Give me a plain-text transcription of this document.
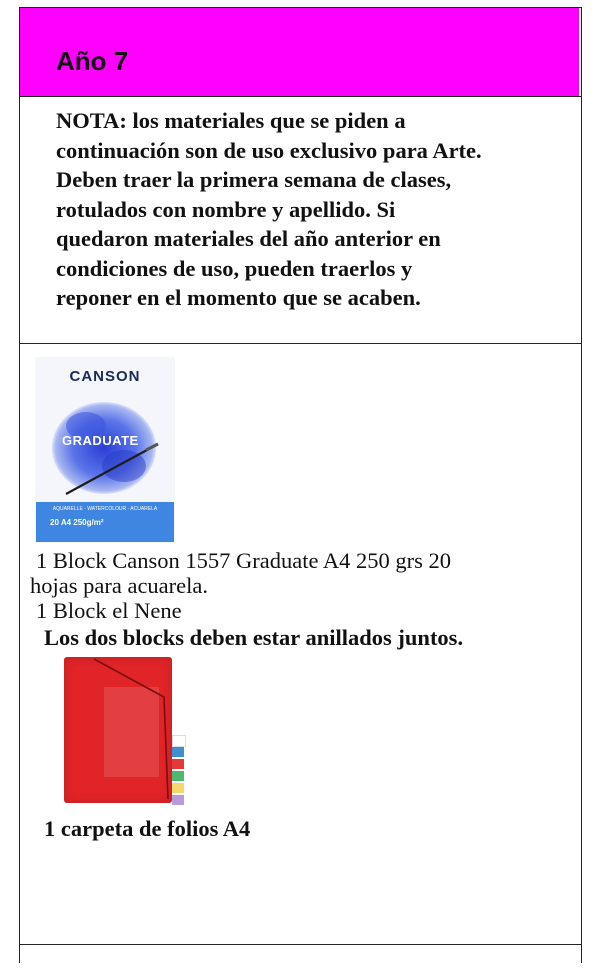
Año 7
NOTA: los materiales que se piden a
continuación son de uso exclusivo para Arte.
Deben traer la primera semana de clases,
rotulados con nombre y apellido. Si
quedaron materiales del año anterior en
condiciones de uso, pueden traerlos y
reponer en el momento que se acaben.
CANSON
GRADUATE
AQUARELLE · WATERCOLOUR · ACUARELA
20 A4 250g/m²
1 Block Canson 1557 Graduate A4 250 grs 20
hojas para acuarela.
1 Block el Nene
Los dos blocks deben estar anillados juntos.
1 carpeta de folios A4
